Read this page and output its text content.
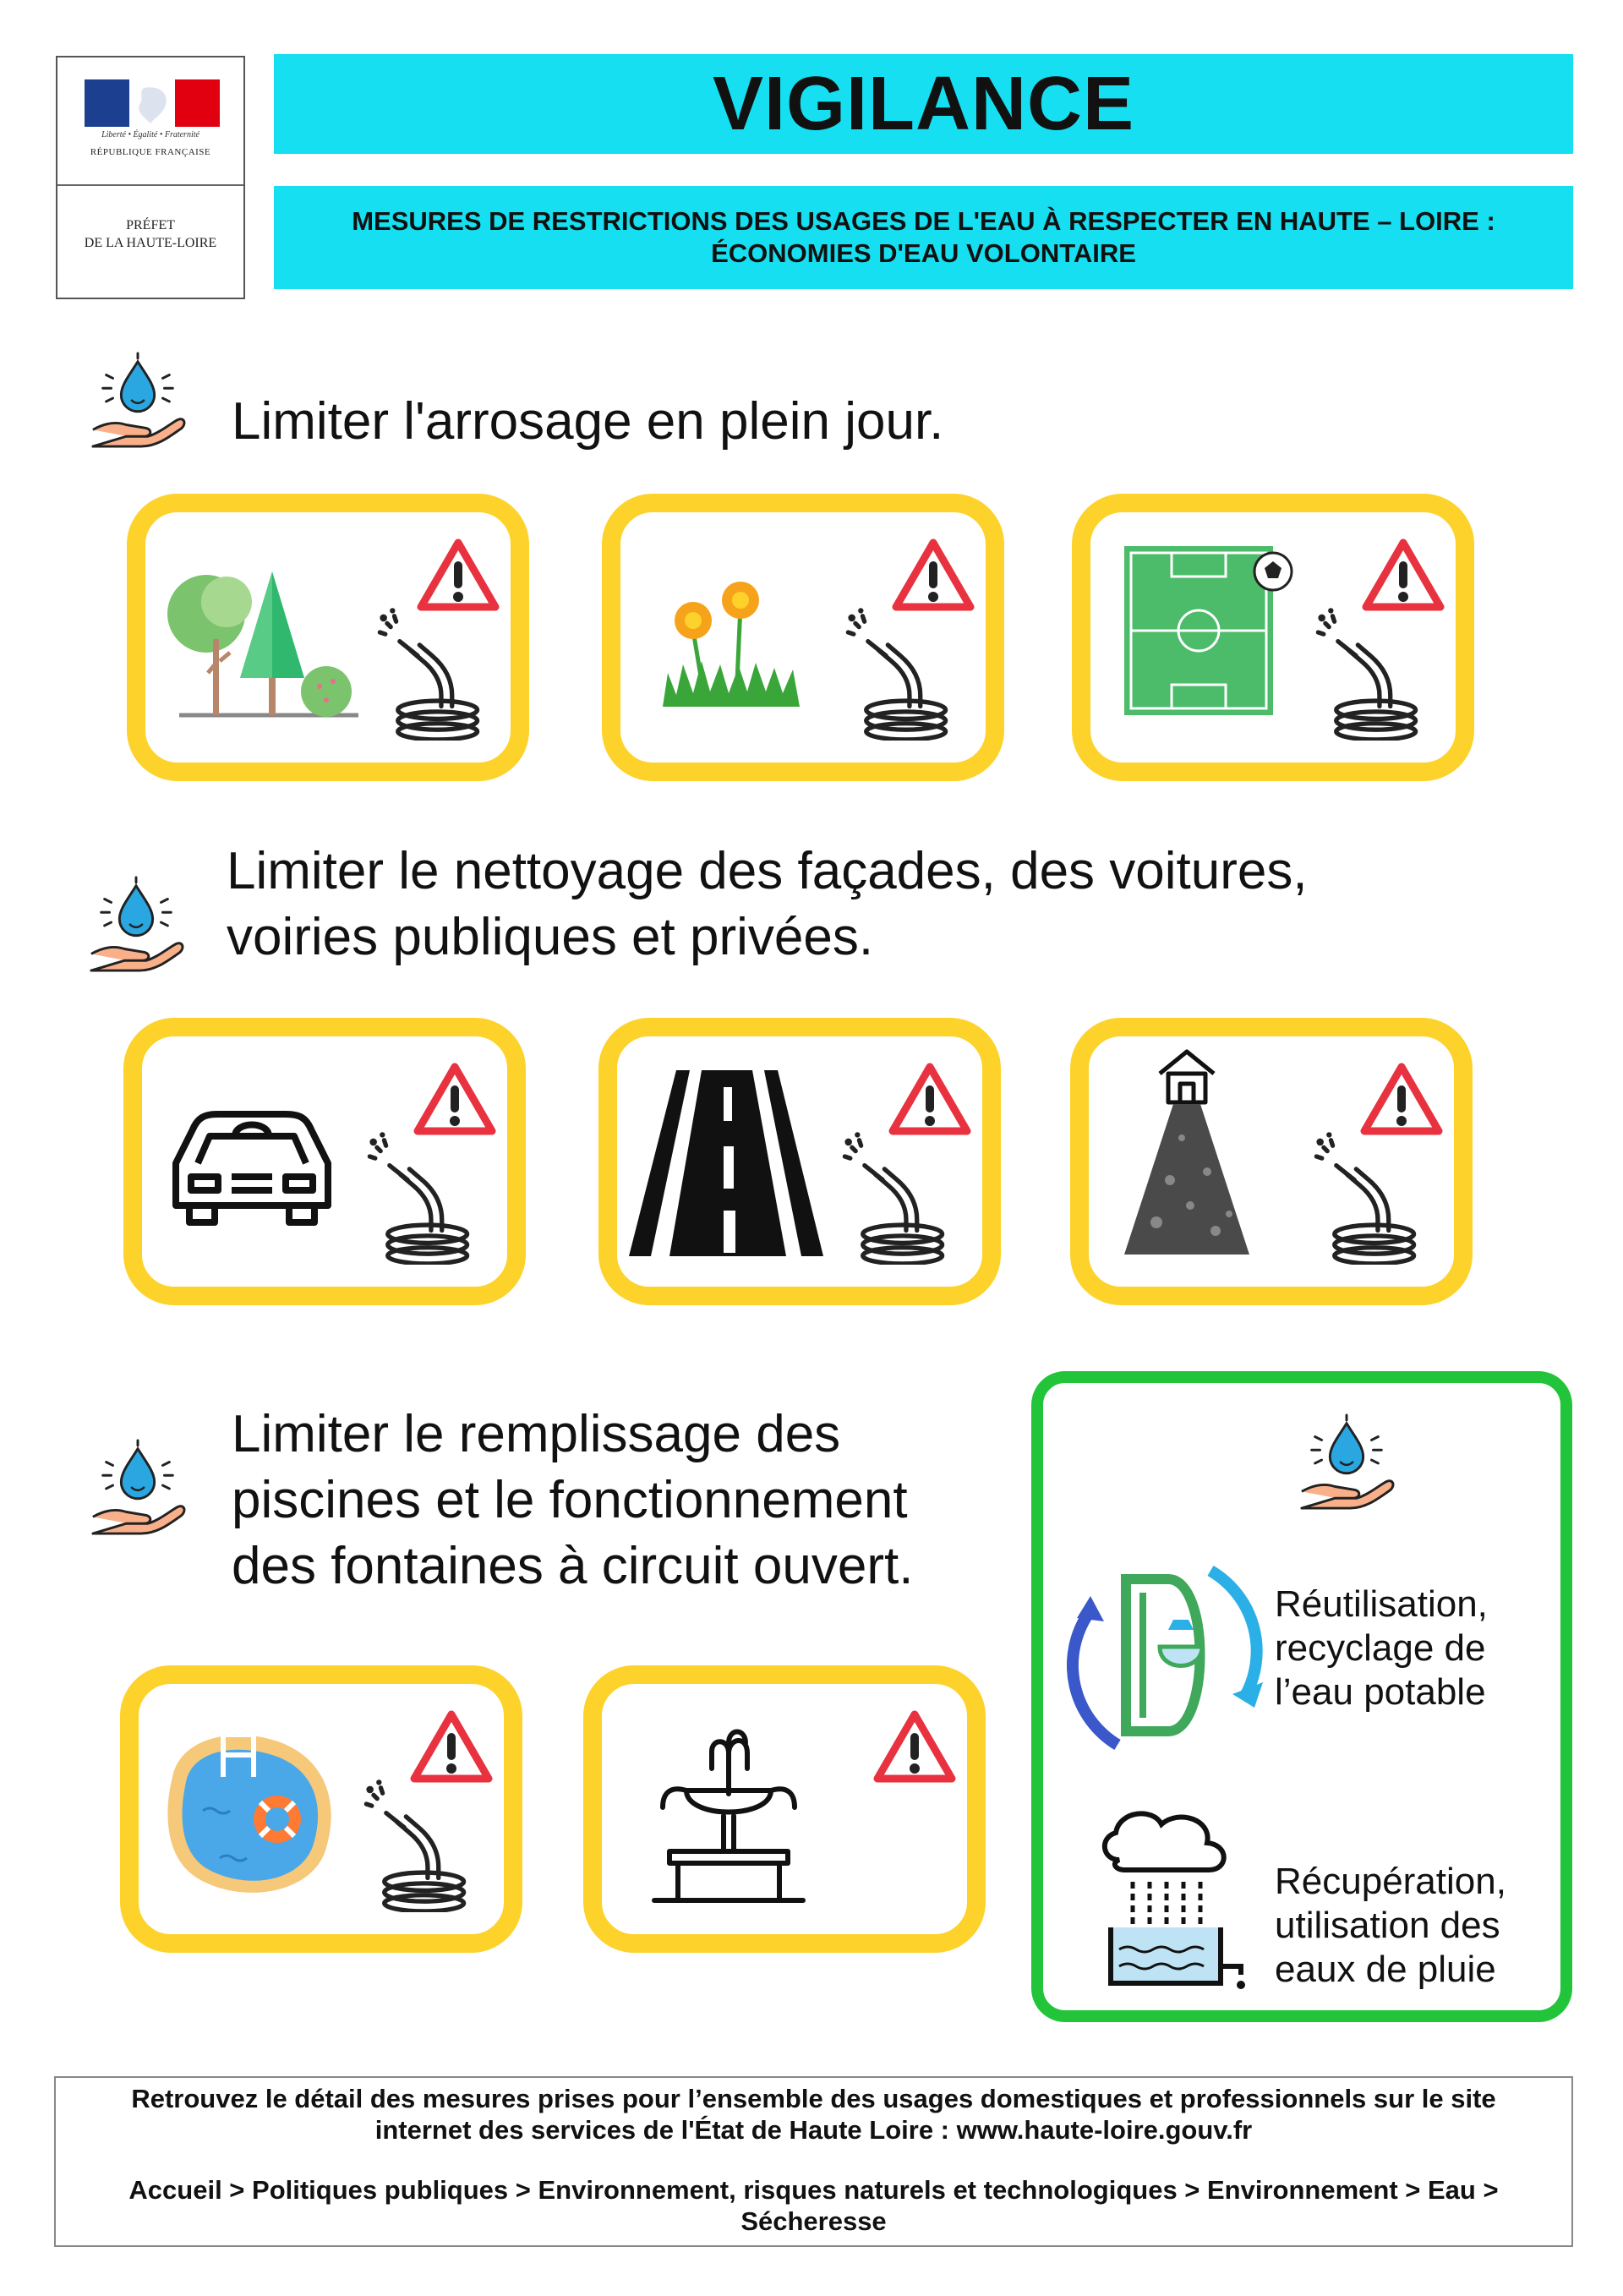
Liberté • Égalité • Fraternité
RÉPUBLIQUE FRANÇAISE
PRÉFET
DE LA HAUTE-LOIRE
VIGILANCE
MESURES DE RESTRICTIONS DES USAGES DE L'EAU À RESPECTER EN HAUTE – LOIRE :
ÉCONOMIES D'EAU VOLONTAIRE
Limiter l'arrosage en plein jour.
Limiter le nettoyage des façades, des voitures,
voiries publiques et privées.
Limiter le remplissage des
piscines et le fonctionnement
des fontaines à circuit ouvert.
Réutilisation,
recyclage de
l’eau potable
Récupération,
utilisation des
eaux de pluie

Retrouvez le détail des mesures prises pour l’ensemble des usages domestiques et professionnels sur le site

internet des services de l'État de Haute Loire : www.haute-loire.gouv.fr

Accueil > Politiques publiques > Environnement, risques naturels et technologiques > Environnement > Eau >

Sécheresse
